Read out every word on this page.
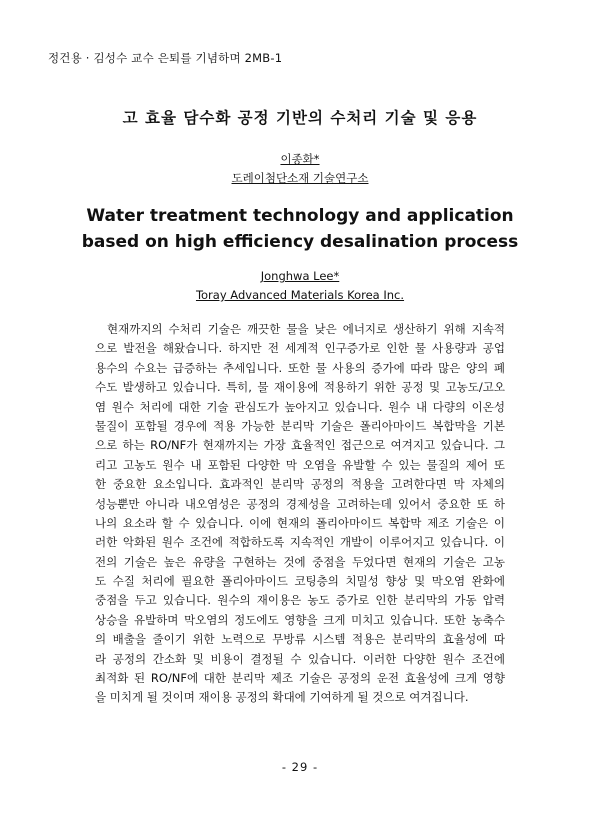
정건용 · 김성수 교수 은퇴를 기념하며 2MB-1
고 효율 담수화 공정 기반의 수처리 기술 및 응용
이종화*
도레이첨단소재 기술연구소
Water treatment technology and application based on high efficiency desalination process
Jonghwa Lee*
Toray Advanced Materials Korea Inc.
현재까지의 수처리 기술은 깨끗한 물을 낮은 에너지로 생산하기 위해 지속적
으로 발전을 해왔습니다. 하지만 전 세계적 인구증가로 인한 물 사용량과 공업
용수의 수요는 급증하는 추세입니다. 또한 물 사용의 증가에 따라 많은 양의 폐
수도 발생하고 있습니다. 특히, 물 재이용에 적용하기 위한 공정 및 고농도/고오
염 원수 처리에 대한 기술 관심도가 높아지고 있습니다. 원수 내 다량의 이온성
물질이 포함될 경우에 적용 가능한 분리막 기술은 폴리아마이드 복합막을 기본
으로 하는 RO/NF가 현재까지는 가장 효율적인 접근으로 여겨지고 있습니다. 그
리고 고농도 원수 내 포함된 다양한 막 오염을 유발할 수 있는 물질의 제어 또
한 중요한 요소입니다. 효과적인 분리막 공정의 적용을 고려한다면 막 자체의
성능뿐만 아니라 내오염성은 공정의 경제성을 고려하는데 있어서 중요한 또 하
나의 요소라 할 수 있습니다. 이에 현재의 폴리아마이드 복합막 제조 기술은 이
러한 악화된 원수 조건에 적합하도록 지속적인 개발이 이루어지고 있습니다. 이
전의 기술은 높은 유량을 구현하는 것에 중점을 두었다면 현재의 기술은 고농
도 수질 처리에 필요한 폴리아마이드 코팅층의 치밀성 향상 및 막오염 완화에
중점을 두고 있습니다. 원수의 재이용은 농도 증가로 인한 분리막의 가동 압력
상승을 유발하며 막오염의 정도에도 영향을 크게 미치고 있습니다. 또한 농축수
의 배출을 줄이기 위한 노력으로 무방류 시스템 적용은 분리막의 효율성에 따
라 공정의 간소화 및 비용이 결정될 수 있습니다. 이러한 다양한 원수 조건에
최적화 된 RO/NF에 대한 분리막 제조 기술은 공정의 운전 효율성에 크게 영향
을 미치게 될 것이며 재이용 공정의 확대에 기여하게 될 것으로 여겨집니다.
- 29 -
